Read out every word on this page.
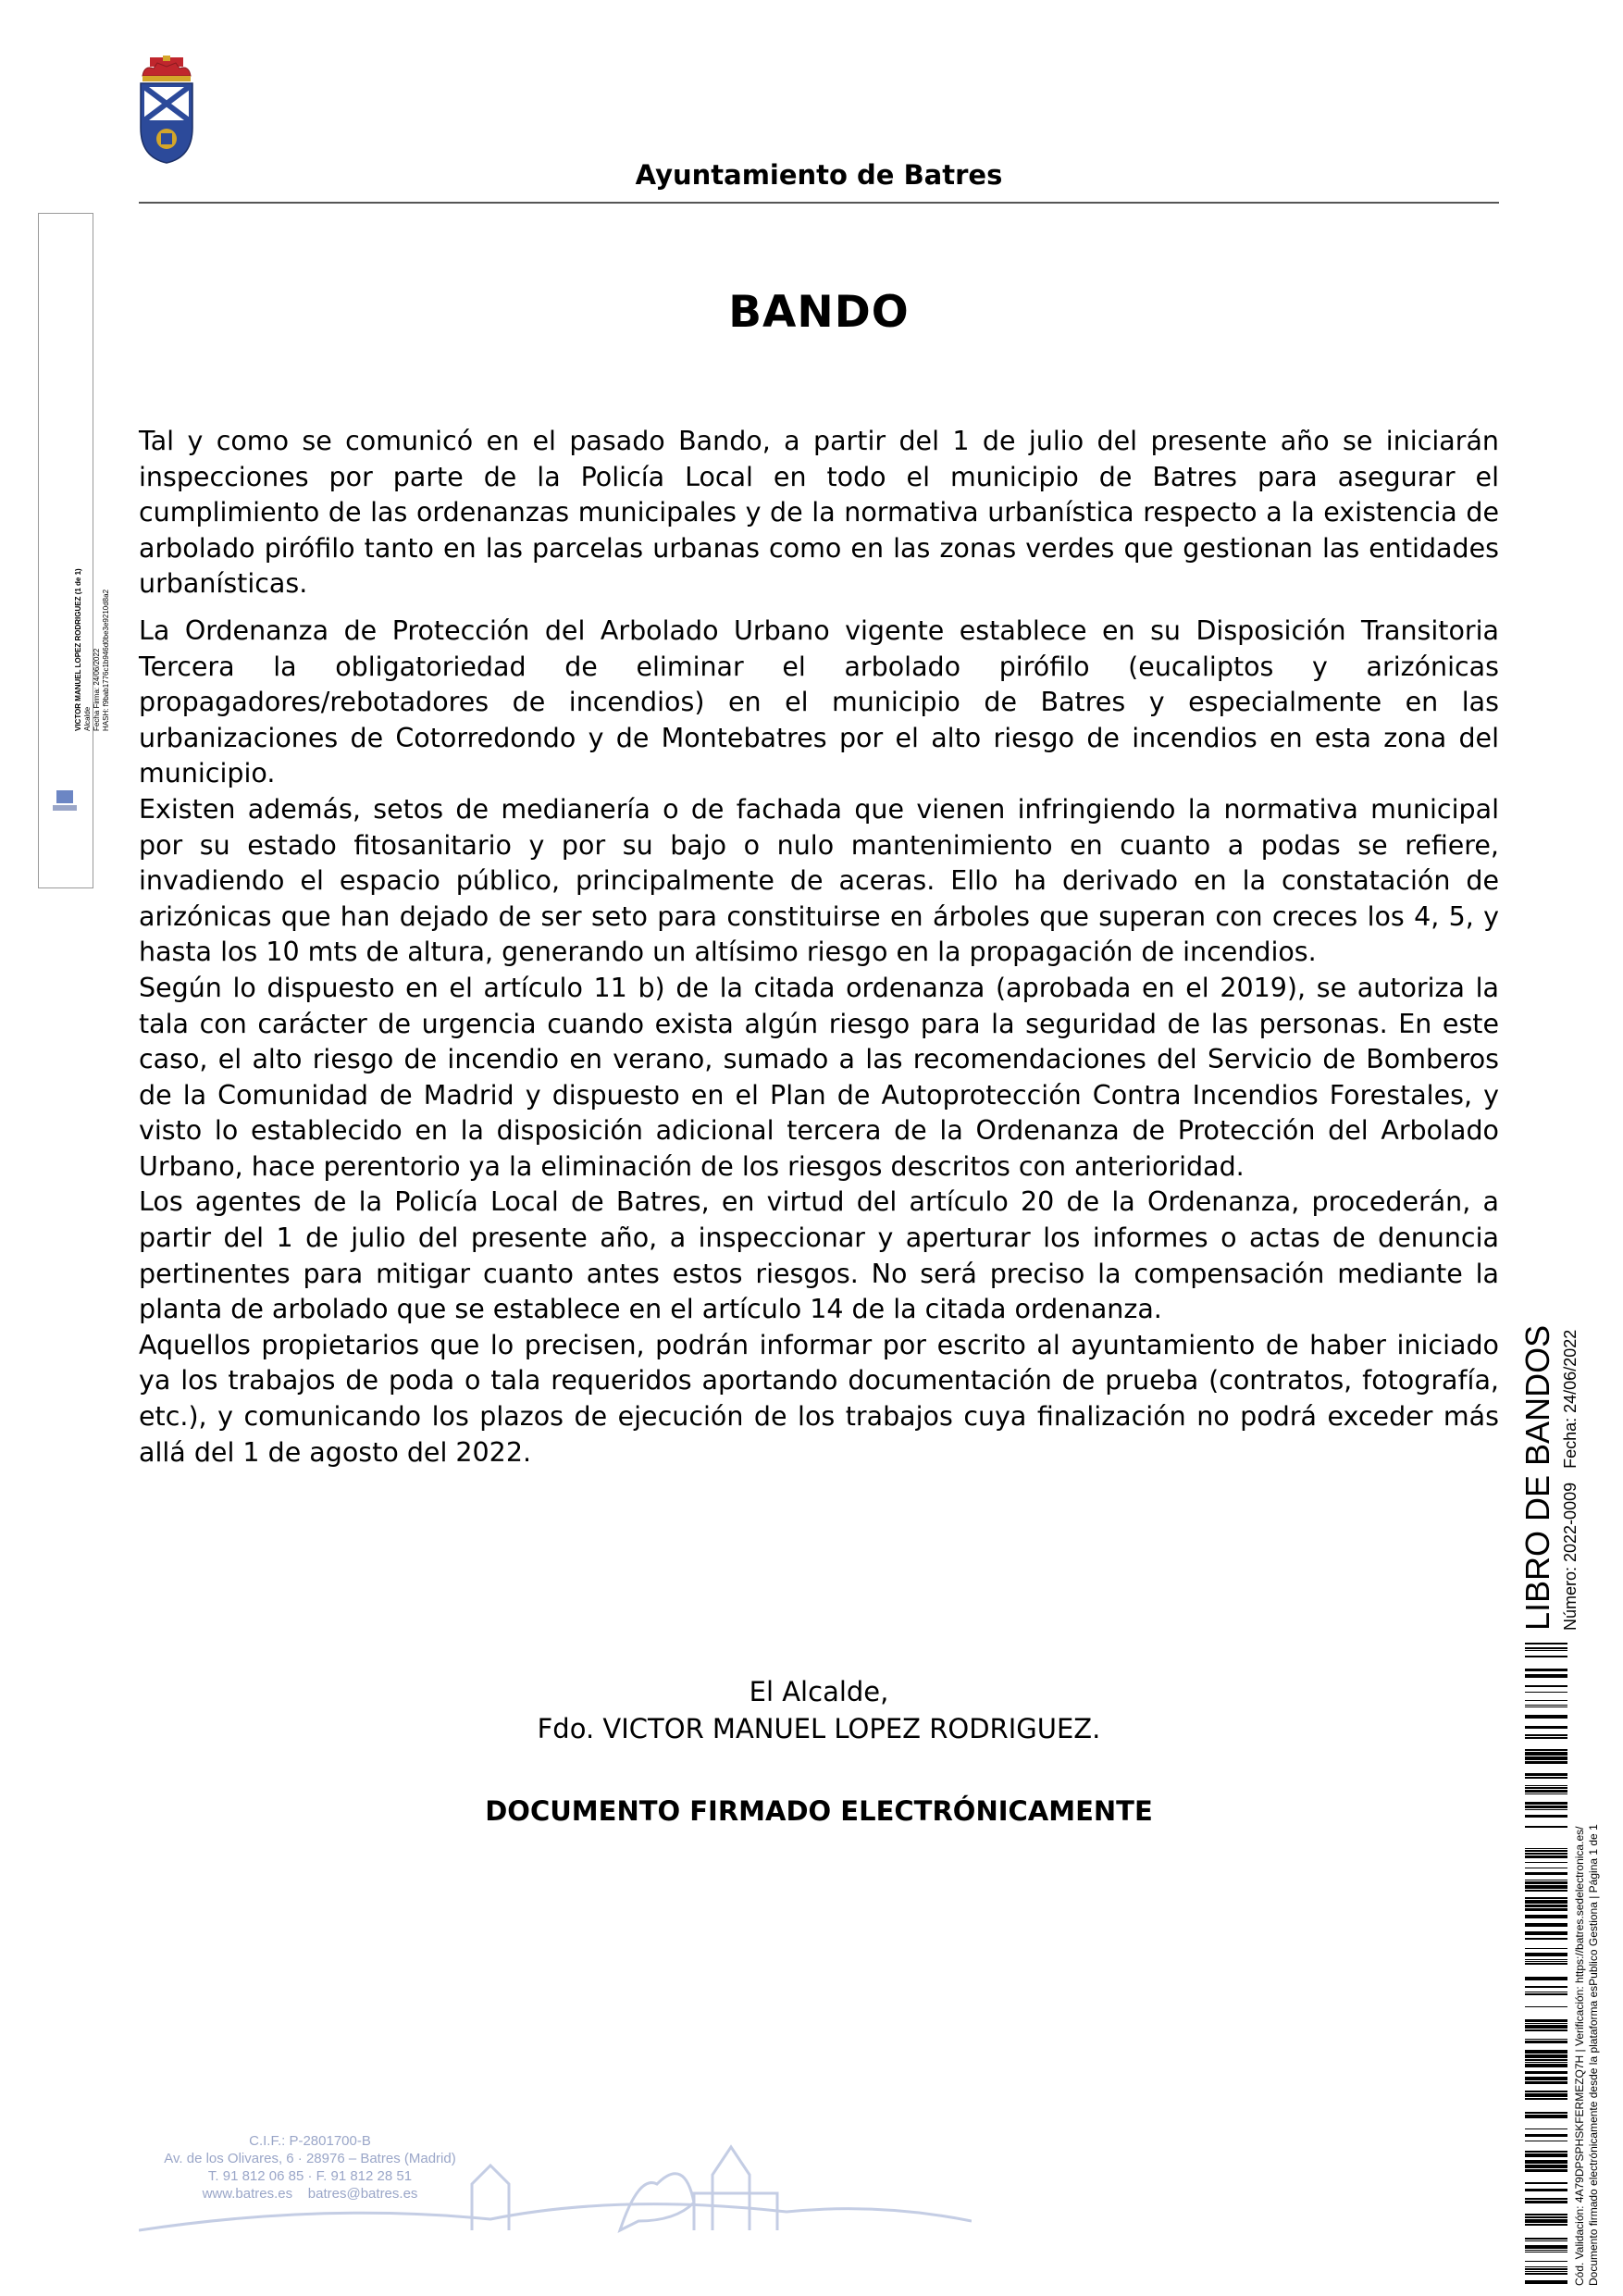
Ayuntamiento de Batres
VICTOR MANUEL LOPEZ RODRIGUEZ (1 de 1) Alcalde Fecha Firma: 24/06/2022 HASH: f9bab1776c1b946d0be3e9210d8a2
BANDO

Tal y como se comunicó en el pasado Bando, a partir del 1 de julio del presente año se iniciarán inspecciones por parte de la Policía Local en todo el municipio de Batres para asegurar el cumplimiento de las ordenanzas municipales y de la normativa urbanística respecto a la existencia de arbolado pirófilo tanto en las parcelas urbanas como en las zonas verdes que gestionan las entidades urbanísticas.

La Ordenanza de Protección del Arbolado Urbano vigente establece en su Disposición Transitoria Tercera la obligatoriedad de eliminar el arbolado pirófilo (eucaliptos y arizónicas propagadores/rebotadores de incendios) en el municipio de Batres y especialmente en las urbanizaciones de Cotorredondo y de Montebatres por el alto riesgo de incendios en esta zona del municipio.

Existen además, setos de medianería o de fachada que vienen infringiendo la normativa municipal por su estado fitosanitario y por su bajo o nulo mantenimiento en cuanto a podas se refiere, invadiendo el espacio público, principalmente de aceras. Ello ha derivado en la constatación de arizónicas que han dejado de ser seto para constituirse en árboles que superan con creces los 4, 5, y hasta los 10 mts de altura, generando un altísimo riesgo en la propagación de incendios.

Según lo dispuesto en el artículo 11 b) de la citada ordenanza (aprobada en el 2019), se autoriza la tala con carácter de urgencia cuando exista algún riesgo para la seguridad de las personas. En este caso, el alto riesgo de incendio en verano, sumado a las recomendaciones del Servicio de Bomberos de la Comunidad de Madrid y dispuesto en el Plan de Autoprotección Contra Incendios Forestales, y visto lo establecido en la disposición adicional tercera de la Ordenanza de Protección del Arbolado Urbano, hace perentorio ya la eliminación de los riesgos descritos con anterioridad.

Los agentes de la Policía Local de Batres, en virtud del artículo 20 de la Ordenanza, procederán, a partir del 1 de julio del presente año, a inspeccionar y aperturar los informes o actas de denuncia pertinentes para mitigar cuanto antes estos riesgos. No será preciso la compensación mediante la planta de arbolado que se establece en el artículo 14 de la citada ordenanza.

Aquellos propietarios que lo precisen, podrán informar por escrito al ayuntamiento de haber iniciado ya los trabajos de poda o tala requeridos aportando documentación de prueba (contratos, fotografía, etc.), y comunicando los plazos de ejecución de los trabajos cuya finalización no podrá exceder más allá del 1 de agosto del 2022.

El Alcalde,
Fdo. VICTOR MANUEL LOPEZ RODRIGUEZ.
DOCUMENTO FIRMADO ELECTRÓNICAMENTE
C.I.F.: P-2801700-B
Av. de los Olivares, 6 · 28976 – Batres (Madrid)
T. 91 812 06 85 · F. 91 812 28 51
www.batres.es batres@batres.es
LIBRO DE BANDOS Número: 2022-0009 Fecha: 24/06/2022
Cód. Validación: 4A79DPSPHSKFERMEZQ7H | Verificación: https://batres.sedelectronica.es/ Documento firmado electrónicamente desde la plataforma esPublico Gestiona | Página 1 de 1
